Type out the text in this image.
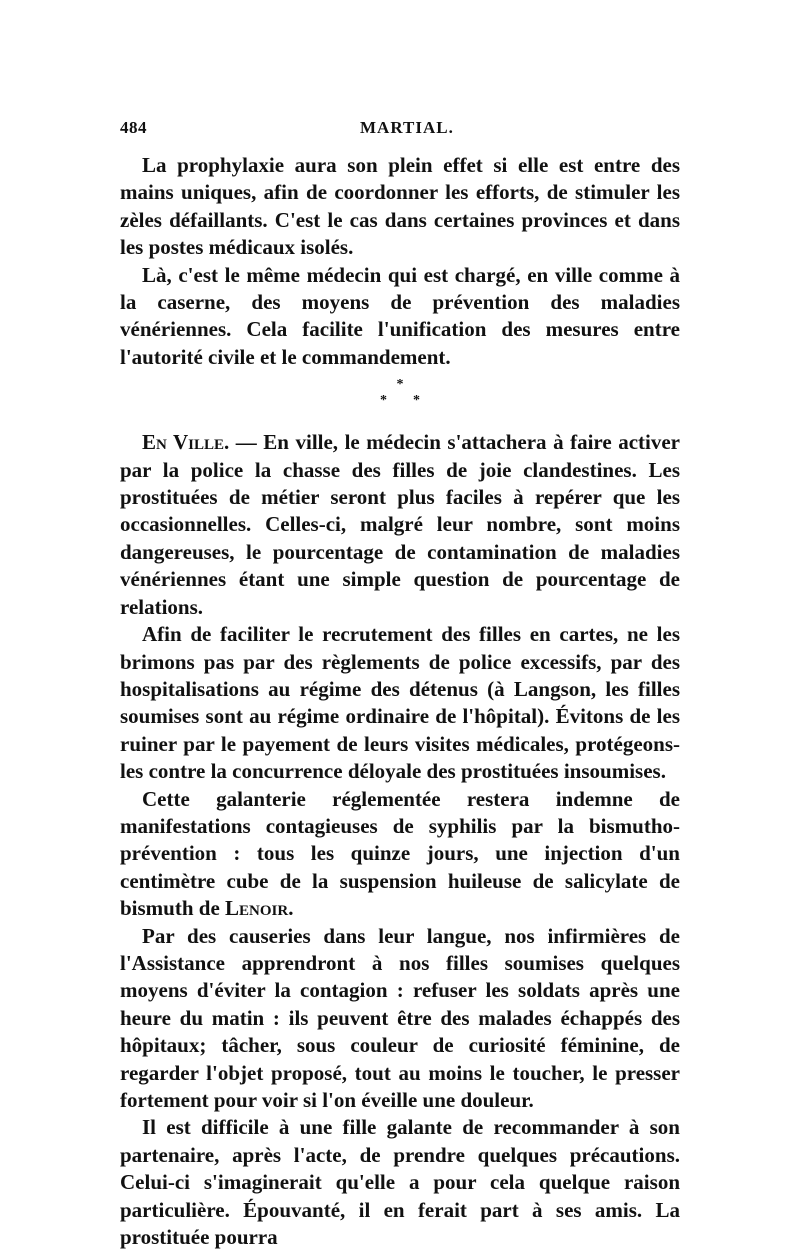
484	MARTIAL.

La prophylaxie aura son plein effet si elle est entre des mains uniques, afin de coordonner les efforts, de stimuler les zèles défaillants. C'est le cas dans certaines provinces et dans les postes médicaux isolés.

Là, c'est le même médecin qui est chargé, en ville comme à la caserne, des moyens de prévention des maladies vénériennes. Cela facilite l'unification des mesures entre l'autorité civile et le commandement.

*
* *

En Ville. — En ville, le médecin s'attachera à faire activer par la police la chasse des filles de joie clandestines. Les prostituées de métier seront plus faciles à repérer que les occasionnelles. Celles-ci, malgré leur nombre, sont moins dangereuses, le pourcentage de contamination de maladies vénériennes étant une simple question de pourcentage de relations.

Afin de faciliter le recrutement des filles en cartes, ne les brimons pas par des règlements de police excessifs, par des hospitalisations au régime des détenus (à Langson, les filles soumises sont au régime ordinaire de l'hôpital). Évitons de les ruiner par le payement de leurs visites médicales, protégeons-les contre la concurrence déloyale des prostituées insoumises.

Cette galanterie réglementée restera indemne de manifestations contagieuses de syphilis par la bismutho-prévention : tous les quinze jours, une injection d'un centimètre cube de la suspension huileuse de salicylate de bismuth de Lenoir.

Par des causeries dans leur langue, nos infirmières de l'Assistance apprendront à nos filles soumises quelques moyens d'éviter la contagion : refuser les soldats après une heure du matin : ils peuvent être des malades échappés des hôpitaux; tâcher, sous couleur de curiosité féminine, de regarder l'objet proposé, tout au moins le toucher, le presser fortement pour voir si l'on éveille une douleur.

Il est difficile à une fille galante de recommander à son partenaire, après l'acte, de prendre quelques précautions. Celui-ci s'imaginerait qu'elle a pour cela quelque raison particulière. Épouvanté, il en ferait part à ses amis. La prostituée pourra
